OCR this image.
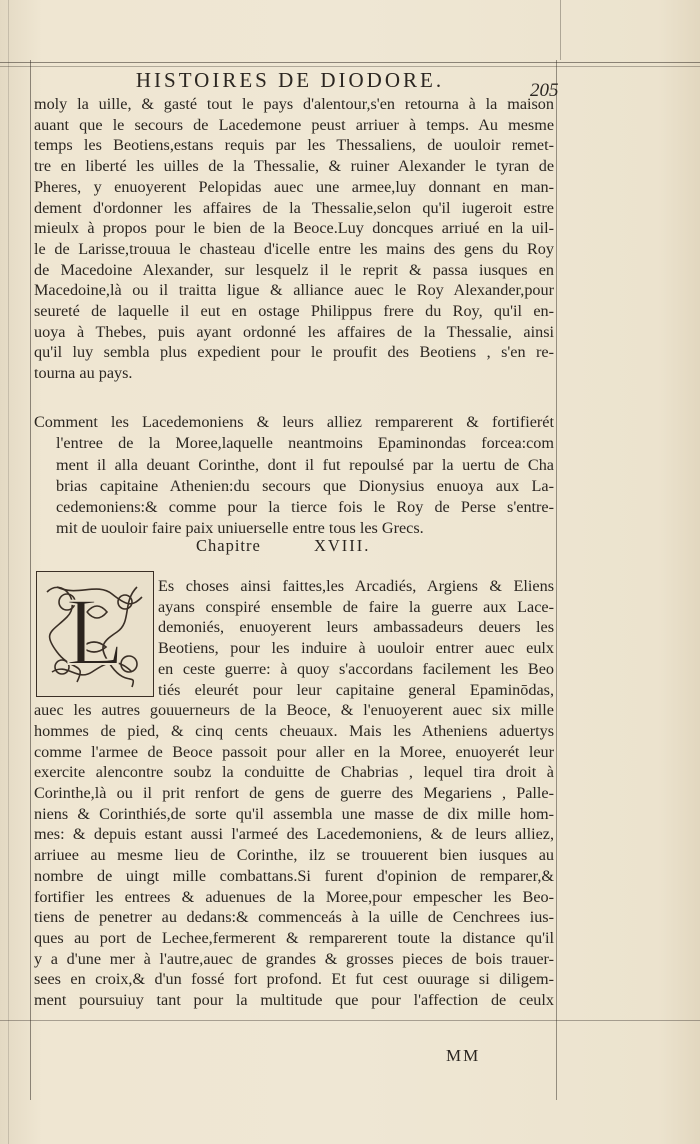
HISTOIRES DE DIODORE.	205
moly la uille, & gasté tout le pays d'alentour,s'en retourna à la maison
auant que le secours de Lacedemone peust arriuer à temps. Au mesme
temps les Beotiens,estans requis par les Thessaliens, de uouloir remet-
tre en liberté les uilles de la Thessalie, & ruiner Alexander le tyran de
Pheres, y enuoyerent Pelopidas auec une armee,luy donnant en man-
dement d'ordonner les affaires de la Thessalie,selon qu'il iugeroit estre
mieulx à propos pour le bien de la Beoce.Luy doncques arriué en la uil-
le de Larisse,trouua le chasteau d'icelle entre les mains des gens du Roy
de Macedoine Alexander, sur lesquelz il le reprit & passa iusques en
Macedoine,là ou il traitta ligue & alliance auec le Roy Alexander,pour
seureté de laquelle il eut en ostage Philippus frere du Roy, qu'il en-
uoya à Thebes, puis ayant ordonné les affaires de la Thessalie, ainsi
qu'il luy sembla plus expedient pour le proufit des Beotiens , s'en re-
tourna au pays.
Comment les Lacedemoniens & leurs alliez remparerent & fortifierét
l'entree de la Moree,laquelle neantmoins Epaminondas forcea:com
ment il alla deuant Corinthe, dont il fut repoulsé par la uertu de Cha
brias capitaine Athenien:du secours que Dionysius enuoya aux La-
cedemoniens:& comme pour la tierce fois le Roy de Perse s'entre-
mit de uouloir faire paix uniuerselle entre tous les Grecs.
Chapitre	XVIII.
L Es choses ainsi faittes,les Arcadiés, Argiens & Eliens
ayans conspiré ensemble de faire la guerre aux Lace-
demoniés, enuoyerent leurs ambassadeurs deuers les
Beotiens, pour les induire à uouloir entrer auec eulx
en ceste guerre: à quoy s'accordans facilement les Beo
tiés eleurét pour leur capitaine general Epaminōdas,
auec les autres gouuerneurs de la Beoce, & l'enuoyerent auec six mille
hommes de pied, & cinq cents cheuaux. Mais les Atheniens aduertys
comme l'armee de Beoce passoit pour aller en la Moree, enuoyerét leur
exercite alencontre soubz la conduitte de Chabrias , lequel tira droit à
Corinthe,là ou il prit renfort de gens de guerre des Megariens , Palle-
niens & Corinthiés,de sorte qu'il assembla une masse de dix mille hom-
mes: & depuis estant aussi l'armeé des Lacedemoniens, & de leurs alliez,
arriuee au mesme lieu de Corinthe, ilz se trouuerent bien iusques au
nombre de uingt mille combattans.Si furent d'opinion de remparer,&
fortifier les entrees & aduenues de la Moree,pour empescher les Beo-
tiens de penetrer au dedans:& commenceás à la uille de Cenchrees ius-
ques au port de Lechee,fermerent & remparerent toute la distance qu'il
y a d'une mer à l'autre,auec de grandes & grosses pieces de bois trauer-
sees en croix,& d'un fossé fort profond. Et fut cest ouurage si diligem-
ment poursuiuy tant pour la multitude que pour l'affection de ceulx
MM
